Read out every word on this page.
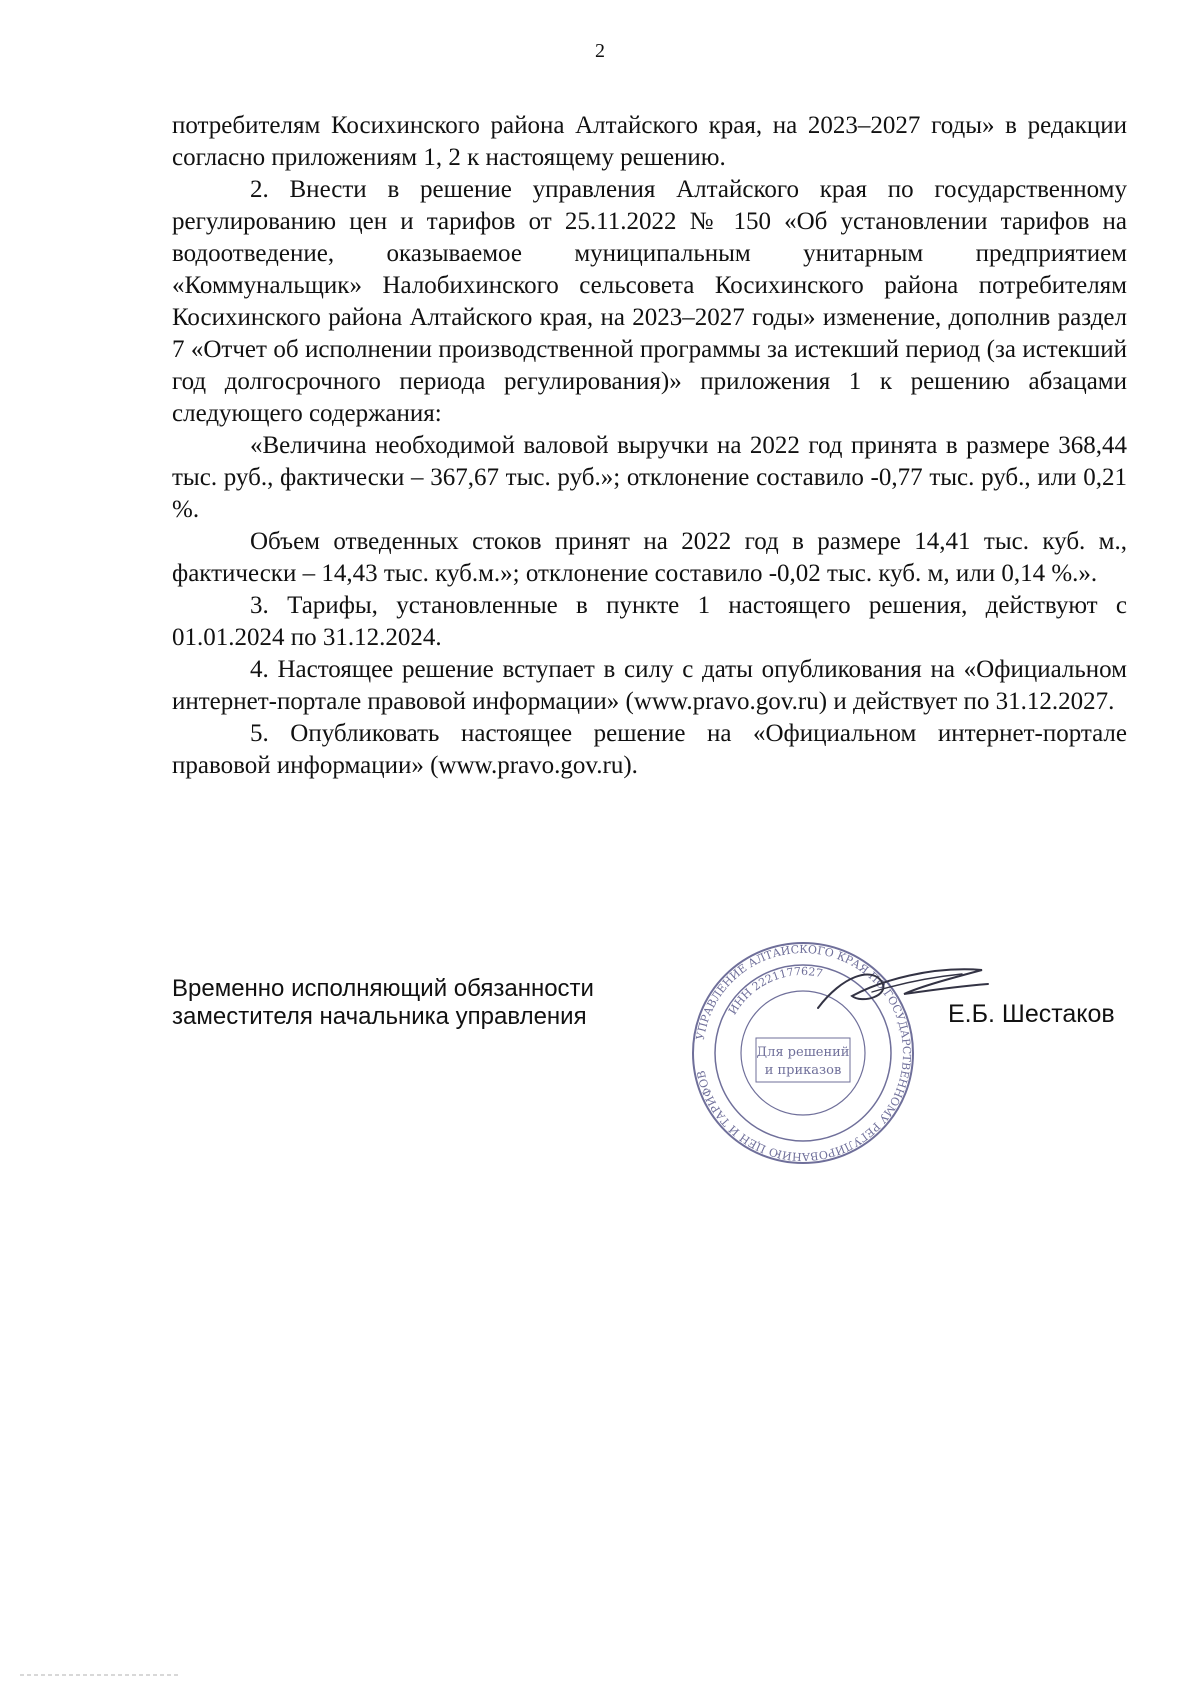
2

потребителям Косихинского района Алтайского края, на 2023–2027 годы» в редакции согласно приложениям 1, 2 к настоящему решению.

2. Внести в решение управления Алтайского края по государственному регулированию цен и тарифов от 25.11.2022 № 150 «Об установлении тарифов на водоотведение, оказываемое муниципальным унитарным предприятием «Коммунальщик» Налобихинского сельсовета Косихинского района потребителям Косихинского района Алтайского края, на 2023–2027 годы» изменение, дополнив раздел 7 «Отчет об исполнении производственной программы за истекший период (за истекший год долгосрочного периода регулирования)» приложения 1 к решению абзацами следующего содержания:

«Величина необходимой валовой выручки на 2022 год принята в размере 368,44 тыс. руб., фактически – 367,67 тыс. руб.»; отклонение составило -0,77 тыс. руб., или 0,21 %.

Объем отведенных стоков принят на 2022 год в размере 14,41 тыс. куб. м., фактически – 14,43 тыс. куб.м.»; отклонение составило -0,02 тыс. куб. м, или 0,14 %.».

3. Тарифы, установленные в пункте 1 настоящего решения, действуют с 01.01.2024 по 31.12.2024.

4. Настоящее решение вступает в силу с даты опубликования на «Официальном интернет-портале правовой информации» (www.pravo.gov.ru) и действует по 31.12.2027.

5. Опубликовать настоящее решение на «Официальном интернет-портале правовой информации» (www.pravo.gov.ru).

Временно исполняющий обязанности
заместителя начальника управления
УПРАВЛЕНИЕ АЛТАЙСКОГО КРАЯ ПО ГОСУДАРСТВЕННОМУ РЕГУЛИРОВАНИЮ ЦЕН И ТАРИФОВ
ИНН 2221177627
Для решений
и приказов
Е.Б. Шестаков
